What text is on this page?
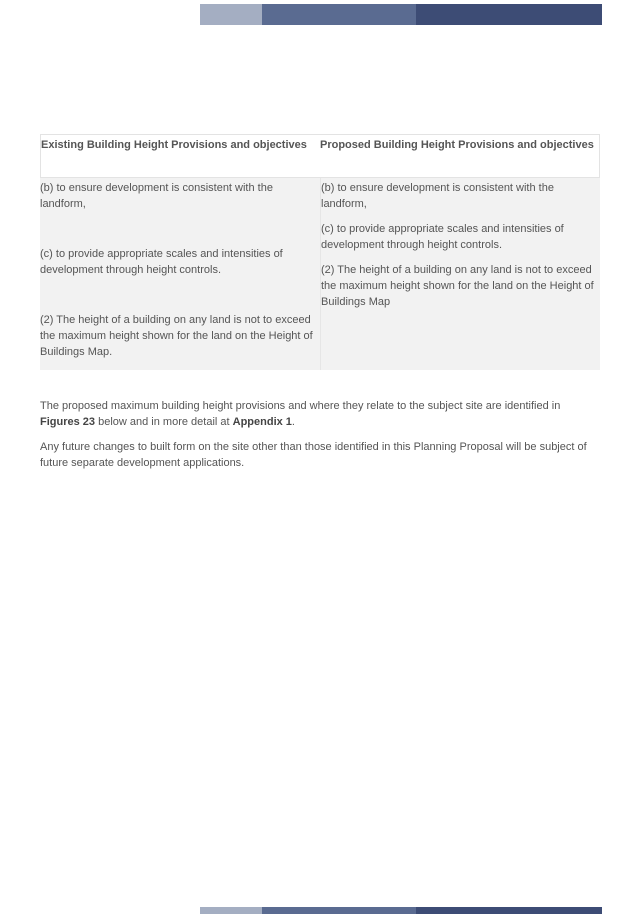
Existing Building Height Provisions and objectives	Proposed Building Height Provisions and objectives

(b) to ensure development is consistent with the landform,

(c) to provide appropriate scales and intensities of development through height controls.

(2) The height of a building on any land is not to exceed the maximum height shown for the land on the Height of Buildings Map.

(b) to ensure development is consistent with the landform,

(c) to provide appropriate scales and intensities of development through height controls.

(2) The height of a building on any land is not to exceed the maximum height shown for the land on the Height of Buildings Map

The proposed maximum building height provisions and where they relate to the subject site are identified in Figures 23 below and in more detail at Appendix 1.

Any future changes to built form on the site other than those identified in this Planning Proposal will be subject of future separate development applications.
